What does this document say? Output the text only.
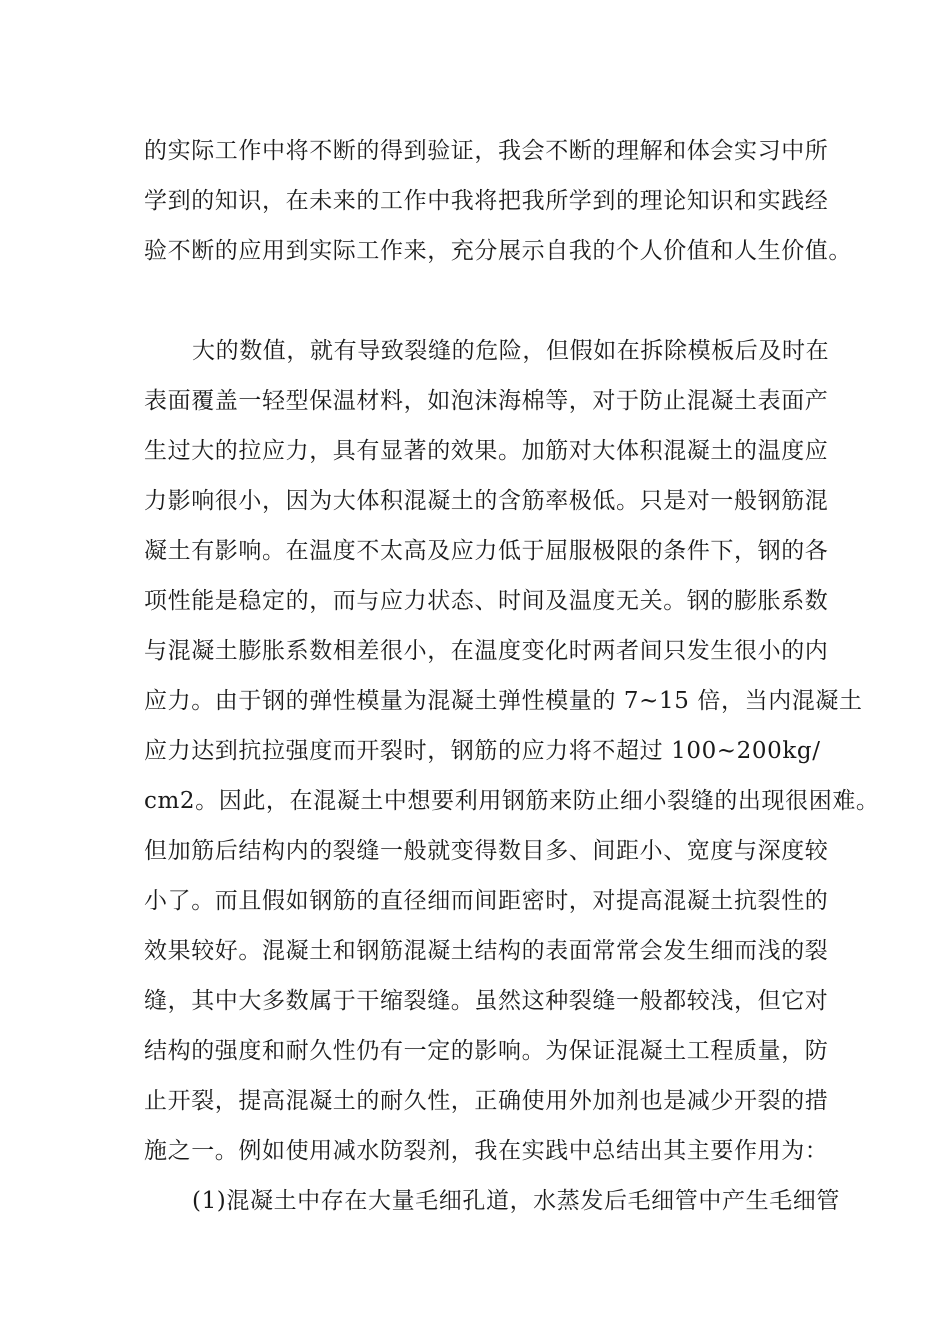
的实际工作中将不断的得到验证，我会不断的理解和体会实习中所
学到的知识，在未来的工作中我将把我所学到的理论知识和实践经
验不断的应用到实际工作来，充分展示自我的个人价值和人生价值。
大的数值，就有导致裂缝的危险，但假如在拆除模板后及时在
表面覆盖一轻型保温材料，如泡沫海棉等，对于防止混凝土表面产
生过大的拉应力，具有显著的效果。加筋对大体积混凝土的温度应
力影响很小，因为大体积混凝土的含筋率极低。只是对一般钢筋混
凝土有影响。在温度不太高及应力低于屈服极限的条件下，钢的各
项性能是稳定的，而与应力状态、时间及温度无关。钢的膨胀系数
与混凝土膨胀系数相差很小，在温度变化时两者间只发生很小的内
应力。由于钢的弹性模量为混凝土弹性模量的 7~15 倍，当内混凝土
应力达到抗拉强度而开裂时，钢筋的应力将不超过 100~200kg/
cm2。因此，在混凝土中想要利用钢筋来防止细小裂缝的出现很困难。
但加筋后结构内的裂缝一般就变得数目多、间距小、宽度与深度较
小了。而且假如钢筋的直径细而间距密时，对提高混凝土抗裂性的
效果较好。混凝土和钢筋混凝土结构的表面常常会发生细而浅的裂
缝，其中大多数属于干缩裂缝。虽然这种裂缝一般都较浅，但它对
结构的强度和耐久性仍有一定的影响。为保证混凝土工程质量，防
止开裂，提高混凝土的耐久性，正确使用外加剂也是减少开裂的措
施之一。例如使用减水防裂剂，我在实践中总结出其主要作用为：
(1)混凝土中存在大量毛细孔道，水蒸发后毛细管中产生毛细管
